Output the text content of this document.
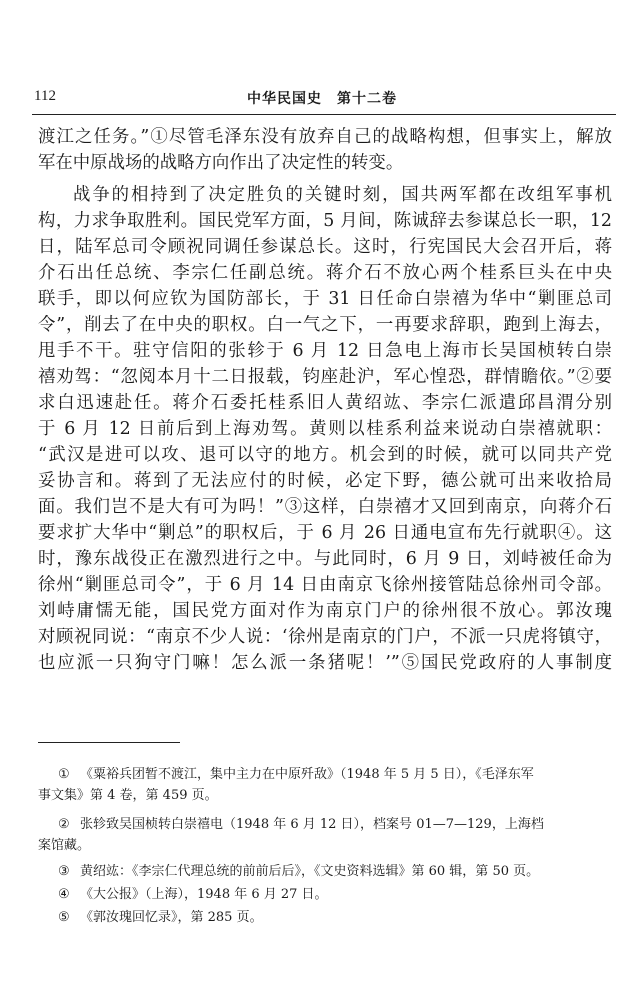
112	中华民国史　第十二卷
渡江之任务。”①尽管毛泽东没有放弃自己的战略构想，但事实上，解放
军在中原战场的战略方向作出了决定性的转变。
战争的相持到了决定胜负的关键时刻，国共两军都在改组军事机
构，力求争取胜利。国民党军方面，5 月间，陈诚辞去参谋总长一职，12
日，陆军总司令顾祝同调任参谋总长。这时，行宪国民大会召开后，蒋
介石出任总统、李宗仁任副总统。蒋介石不放心两个桂系巨头在中央
联手，即以何应钦为国防部长，于 31 日任命白崇禧为华中“剿匪总司
令”，削去了在中央的职权。白一气之下，一再要求辞职，跑到上海去，
甩手不干。驻守信阳的张轸于 6 月 12 日急电上海市长吴国桢转白崇
禧劝驾：“忽阅本月十二日报载，钧座赴沪，军心惶恐，群情瞻依。”②要
求白迅速赴任。蒋介石委托桂系旧人黄绍竑、李宗仁派遣邱昌渭分别
于 6 月 12 日前后到上海劝驾。黄则以桂系利益来说动白崇禧就职：
“武汉是进可以攻、退可以守的地方。机会到的时候，就可以同共产党
妥协言和。蒋到了无法应付的时候，必定下野，德公就可出来收拾局
面。我们岂不是大有可为吗！”③这样，白崇禧才又回到南京，向蒋介石
要求扩大华中“剿总”的职权后，于 6 月 26 日通电宣布先行就职④。这
时，豫东战役正在激烈进行之中。与此同时，6 月 9 日，刘峙被任命为
徐州“剿匪总司令”，于 6 月 14 日由南京飞徐州接管陆总徐州司令部。
刘峙庸懦无能，国民党方面对作为南京门户的徐州很不放心。郭汝瑰
对顾祝同说：“南京不少人说：‘徐州是南京的门户，不派一只虎将镇守，
也应派一只狗守门嘛！怎么派一条猪呢！’”⑤国民党政府的人事制度
① 《粟裕兵团暂不渡江，集中主力在中原歼敌》（1948 年 5 月 5 日），《毛泽东军
事文集》第 4 卷，第 459 页。
② 张轸致吴国桢转白崇禧电（1948 年 6 月 12 日），档案号 01—7—129，上海档
案馆藏。
③ 黄绍竑：《李宗仁代理总统的前前后后》，《文史资料选辑》第 60 辑，第 50 页。
④ 《大公报》（上海），1948 年 6 月 27 日。
⑤ 《郭汝瑰回忆录》，第 285 页。
